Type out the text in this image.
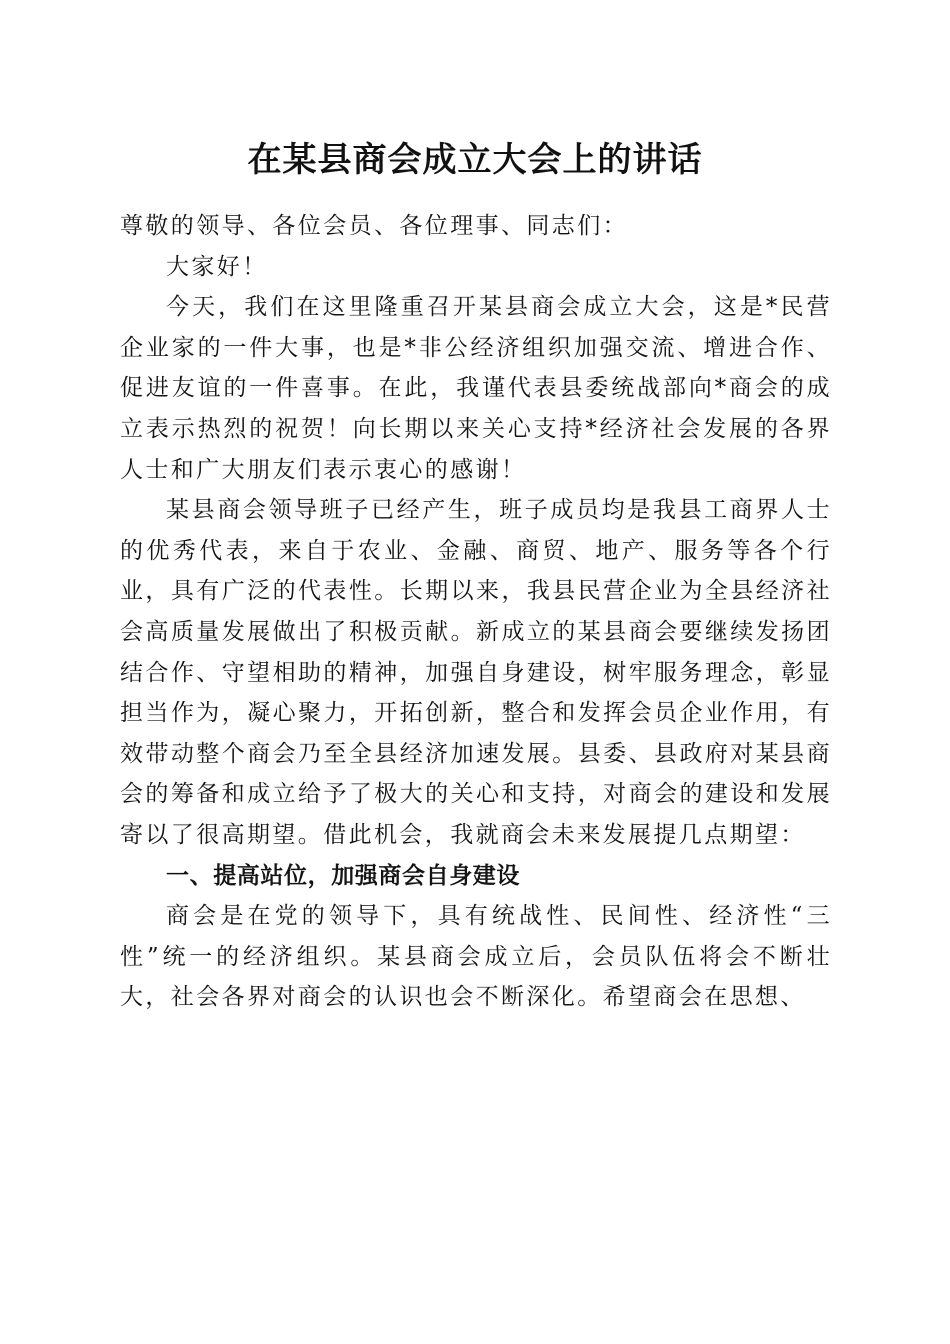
在某县商会成立大会上的讲话

尊敬的领导、各位会员、各位理事、同志们：

大家好！

今天，我们在这里隆重召开某县商会成立大会，这是*民营企业家的一件大事，也是*非公经济组织加强交流、增进合作、促进友谊的一件喜事。在此，我谨代表县委统战部向*商会的成立表示热烈的祝贺！向长期以来关心支持*经济社会发展的各界人士和广大朋友们表示衷心的感谢！

某县商会领导班子已经产生，班子成员均是我县工商界人士的优秀代表，来自于农业、金融、商贸、地产、服务等各个行业，具有广泛的代表性。长期以来，我县民营企业为全县经济社会高质量发展做出了积极贡献。新成立的某县商会要继续发扬团结合作、守望相助的精神，加强自身建设，树牢服务理念，彰显担当作为，凝心聚力，开拓创新，整合和发挥会员企业作用，有效带动整个商会乃至全县经济加速发展。县委、县政府对某县商会的筹备和成立给予了极大的关心和支持，对商会的建设和发展寄以了很高期望。借此机会，我就商会未来发展提几点期望：

一、提高站位，加强商会自身建设

商会是在党的领导下，具有统战性、民间性、经济性“三性”统一的经济组织。某县商会成立后，会员队伍将会不断壮大，社会各界对商会的认识也会不断深化。希望商会在思想、
